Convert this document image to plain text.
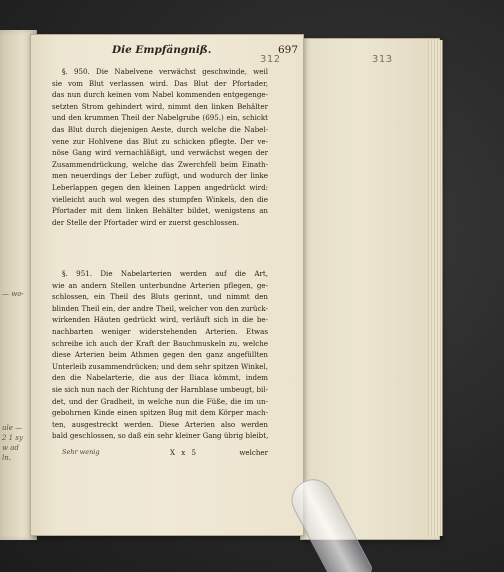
— wo-
ule —
2 1 sy
w ad
ln.
313
312
Die Empfängniß.	697
§. 950. Die Nabelvene verwächst geschwinde, weil
sie vom Blut verlassen wird. Das Blut der Pfortader,
das nun durch keinen vom Nabel kommenden entgegenge-
setzten Strom gehindert wird, nimmt den linken Behälter
und den krummen Theil der Nabelgrube (695.) ein, schickt
das Blut durch diejenigen Aeste, durch welche die Nabel-
vene zur Hohlvene das Blut zu schicken pflegte. Der ve-
nöse Gang wird vernachläßigt, und verwächst wegen der
Zusammendrückung, welche das Zwerchfell beim Einath-
men neuerdings der Leber zufügt, und wodurch der linke
Leberlappen gegen den kleinen Lappen angedrückt wird:
vielleicht auch wol wegen des stumpfen Winkels, den die
Pfortader mit dem linken Behälter bildet, wenigstens an
der Stelle der Pfortader wird er zuerst geschlossen.
§. 951. Die Nabelarterien werden auf die Art,
wie an andern Stellen unterbundne Arterien pflegen, ge-
schlossen, ein Theil des Bluts gerinnt, und nimmt den
blinden Theil ein, der andre Theil, welcher von den zurück-
wirkenden Häuten gedrückt wird, verläuft sich in die be-
nachbarten weniger widerstehenden Arterien. Etwas
schreibe ich auch der Kraft der Bauchmuskeln zu, welche
diese Arterien beim Athmen gegen den ganz angefüllten
Unterleib zusammendrücken; und dem sehr spitzen Winkel,
den die Nabelarterie, die aus der Iliaca kömmt, indem
sie sich nun nach der Richtung der Harnblase umbeugt, bil-
det, und der Gradheit, in welche nun die Füße, die im un-
gebohrnen Kinde einen spitzen Bug mit dem Körper mach-
ten, ausgestreckt werden. Diese Arterien also werden
bald geschlossen, so daß ein sehr kleiner Gang übrig bleibt,
Sehr wenig	X x 5	welcher
